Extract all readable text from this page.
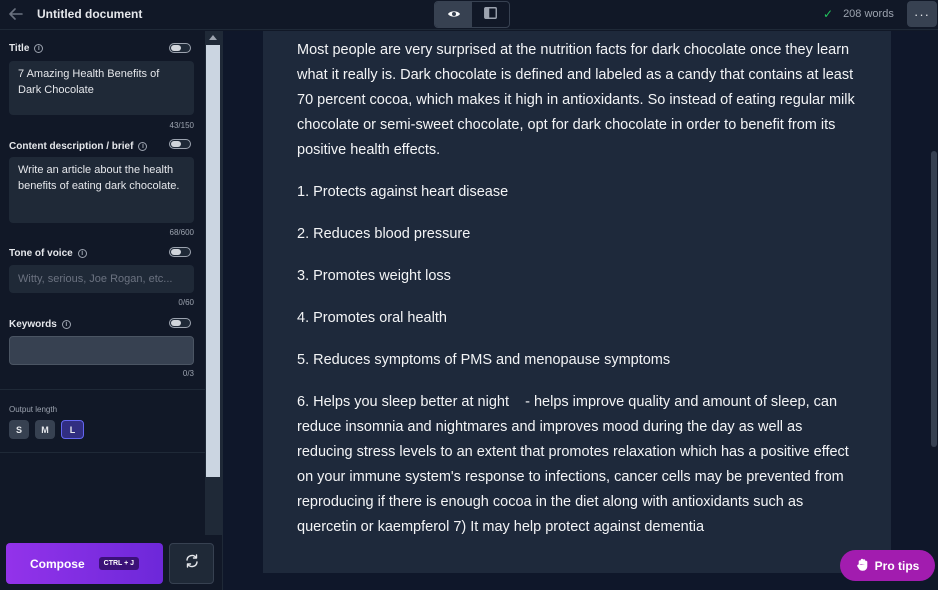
Untitled document	✓ 208 words	···
Title	i
7 Amazing Health Benefits of Dark Chocolate
43/150
Content description / brief	i
Write an article about the health benefits of eating dark chocolate.
68/600
Tone of voice	i
Witty, serious, Joe Rogan, etc...
0/60
Keywords	i
0/3
Output length
S	M	L
Compose	CTRL + J

Most people are very surprised at the nutrition facts for dark chocolate once they learn what it really is. Dark chocolate is defined and labeled as a candy that contains at least 70 percent cocoa, which makes it high in antioxidants. So instead of eating regular milk chocolate or semi-sweet chocolate, opt for dark chocolate in order to benefit from its positive health effects.

1. Protects against heart disease

2. Reduces blood pressure

3. Promotes weight loss

4. Promotes oral health

5. Reduces symptoms of PMS and menopause symptoms

6. Helps you sleep better at night    - helps improve quality and amount of sleep, can reduce insomnia and nightmares and improves mood during the day as well as reducing stress levels to an extent that promotes relaxation which has a positive effect on your immune system's response to infections, cancer cells may be prevented from reproducing if there is enough cocoa in the diet along with antioxidants such as quercetin or kaempferol 7) It may help protect against dementia

Pro tips
